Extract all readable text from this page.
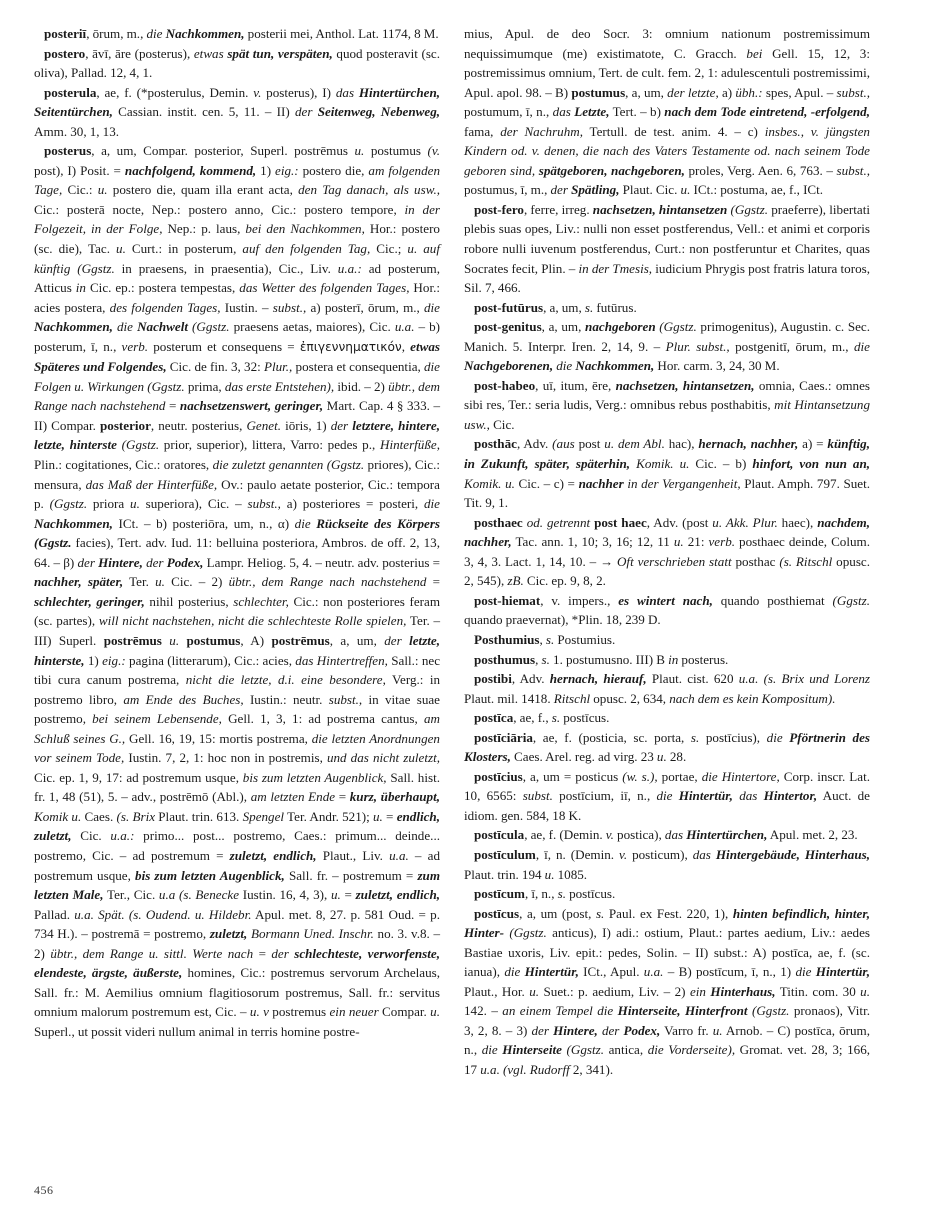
posteriī, ōrum, m., die Nachkommen, posterii mei, Anthol. Lat. 1174, 8 M.

postero, āvī, āre (posterus), etwas spät tun, verspäten, quod posteravit (sc. oliva), Pallad. 12, 4, 1.

posterula, ae, f. (*posterulus, Demin. v. posterus), I) das Hintertürchen, Seitentürchen, Cassian. instit. cen. 5, 11. – II) der Seitenweg, Nebenweg, Amm. 30, 1, 13.

posterus, a, um, Compar. posterior, Superl. postrēmus u. postumus (v. post), I) Posit. = nachfolgend, kommend, 1) eig.: postero die, am folgenden Tage, Cic.: u. postero die, quam illa erant acta, den Tag danach, als usw., Cic.: posterā nocte, Nep.: postero anno, Cic.: postero tempore, in der Folgezeit, in der Folge, Nep.: p. laus, bei den Nachkommen, Hor.: postero (sc. die), Tac. u. Curt.: in posterum, auf den folgenden Tag, Cic.; u. auf künftig (Ggstz. in praesens, in praesentia), Cic., Liv. u.a.: ad posterum, Atticus in Cic. ep.: postera tempestas, das Wetter des folgenden Tages, Hor.: acies postera, des folgenden Tages, Iustin. – subst., a) posterī, ōrum, m., die Nachkommen, die Nachwelt (Ggstz. praesens aetas, maiores), Cic. u.a. – b) posterum, ī, n., verb. posterum et consequens = ἐπιγεννηματικόν, etwas Späteres und Folgendes, Cic. de fin. 3, 32: Plur., postera et consequentia, die Folgen u. Wirkungen (Ggstz. prima, das erste Entstehen), ibid. – 2) übtr., dem Range nach nachstehend = nachsetzenswert, geringer, Mart. Cap. 4 § 333. – II) Compar. posterior, neutr. posterius, Genet. iōris, 1) der letztere, hintere, letzte, hinterste (Ggstz. prior, superior), littera, Varro: pedes p., Hinterfüße, Plin.: cogitationes, Cic.: oratores, die zuletzt genannten (Ggstz. priores), Cic.: mensura, das Maß der Hinterfüße, Ov.: paulo aetate posterior, Cic.: tempora p. (Ggstz. priora u. superiora), Cic. – subst., a) posteriores = posteri, die Nachkommen, ICt. – b) posteriōra, um, n., α) die Rückseite des Körpers (Ggstz. facies), Tert. adv. Iud. 11: belluina posteriora, Ambros. de off. 2, 13, 64. – β) der Hintere, der Podex, Lampr. Heliog. 5, 4. – neutr. adv. posterius = nachher, später, Ter. u. Cic. – 2) übtr., dem Range nach nachstehend = schlechter, geringer, nihil posterius, schlechter, Cic.: non posteriores feram (sc. partes), will nicht nachstehen, nicht die schlechteste Rolle spielen, Ter. – III) Superl. postrēmus u. postumus, A) postrēmus, a, um, der letzte, hinterste, 1) eig.: pagina (litterarum), Cic.: acies, das Hintertreffen, Sall.: nec tibi cura canum postrema, nicht die letzte, d.i. eine besondere, Verg.: in postremo libro, am Ende des Buches, Iustin.: neutr. subst., in vitae suae postremo, bei seinem Lebensende, Gell. 1, 3, 1: ad postrema cantus, am Schluß seines G., Gell. 16, 19, 15: mortis postrema, die letzten Anordnungen vor seinem Tode, Iustin. 7, 2, 1: hoc non in postremis, und das nicht zuletzt, Cic. ep. 1, 9, 17: ad postremum usque, bis zum letzten Augenblick, Sall. hist. fr. 1, 48 (51), 5. – adv., postrēmō (Abl.), am letzten Ende = kurz, überhaupt, Komik u. Caes. (s. Brix Plaut. trin. 613. Spengel Ter. Andr. 521); u. = endlich, zuletzt, Cic. u.a.: primo... post... postremo, Caes.: primum... deinde... postremo, Cic. – ad postremum = zuletzt, endlich, Plaut., Liv. u.a. – ad postremum usque, bis zum letzten Augenblick, Sall. fr. – postremum = zum letzten Male, Ter., Cic. u.a (s. Benecke Iustin. 16, 4, 3), u. = zuletzt, endlich, Pallad. u.a. Spät. (s. Oudend. u. Hildebr. Apul. met. 8, 27. p. 581 Oud. = p. 734 H.). – postremā = postremo, zuletzt, Bormann Uned. Inschr. no. 3. v.8. – 2) übtr., dem Range u. sittl. Werte nach = der schlechteste, verworfenste, elendeste, ärgste, äußerste, homines, Cic.: postremus servorum Archelaus, Sall. fr.: M. Aemilius omnium flagitiosorum postremus, Sall. fr.: servitus omnium malorum postremum est, Cic. – u. v postremus ein neuer Compar. u. Superl., ut possit videri nullum animal in terris homine postre-

mius, Apul. de deo Socr. 3: omnium nationum postremissimum nequissimumque (me) existimatote, C. Gracch. bei Gell. 15, 12, 3: postremissimus omnium, Tert. de cult. fem. 2, 1: adulescentuli postremissimi, Apul. apol. 98. – B) postumus, a, um, der letzte, a) übh.: spes, Apul. – subst., postumum, ī, n., das Letzte, Tert. – b) nach dem Tode eintretend, -erfolgend, fama, der Nachruhm, Tertull. de test. anim. 4. – c) insbes., v. jüngsten Kindern od. v. denen, die nach des Vaters Testamente od. nach seinem Tode geboren sind, spätgeboren, nachgeboren, proles, Verg. Aen. 6, 763. – subst., postumus, ī, m., der Spätling, Plaut. Cic. u. ICt.: postuma, ae, f., ICt.

post-fero, ferre, irreg. nachsetzen, hintansetzen (Ggstz. praeferre), libertati plebis suas opes, Liv.: nulli non esset postferendus, Vell.: et animi et corporis robore nulli iuvenum postferendus, Curt.: non postferuntur et Charites, quas Socrates fecit, Plin. – in der Tmesis, iudicium Phrygis post fratris latura toros, Sil. 7, 466.

post-futūrus, a, um, s. futūrus.

post-genitus, a, um, nachgeboren (Ggstz. primogenitus), Augustin. c. Sec. Manich. 5. Interpr. Iren. 2, 14, 9. – Plur. subst., postgenitī, ōrum, m., die Nachgeborenen, die Nachkommen, Hor. carm. 3, 24, 30 M.

post-habeo, uī, itum, ēre, nachsetzen, hintansetzen, omnia, Caes.: omnes sibi res, Ter.: seria ludis, Verg.: omnibus rebus posthabitis, mit Hintansetzung usw., Cic.

posthāc, Adv. (aus post u. dem Abl. hac), hernach, nachher, a) = künftig, in Zukunft, später, späterhin, Komik. u. Cic. – b) hinfort, von nun an, Komik. u. Cic. – c) = nachher in der Vergangenheit, Plaut. Amph. 797. Suet. Tit. 9, 1.

posthaec od. getrennt post haec, Adv. (post u. Akk. Plur. haec), nachdem, nachher, Tac. ann. 1, 10; 3, 16; 12, 11 u. 21: verb. posthaec deinde, Colum. 3, 4, 3. Lact. 1, 14, 10. – → Oft verschrieben statt posthac (s. Ritschl opusc. 2, 545), zB. Cic. ep. 9, 8, 2.

post-hiemat, v. impers., es wintert nach, quando posthiemat (Ggstz. quando praevernat), *Plin. 18, 239 D.

Posthumius, s. Postumius.

posthumus, s. 1. postumusno. III) B in posterus.

postibi, Adv. hernach, hierauf, Plaut. cist. 620 u.a. (s. Brix und Lorenz Plaut. mil. 1418. Ritschl opusc. 2, 634, nach dem es kein Kompositum).

postīca, ae, f., s. postīcus.

postīciāria, ae, f. (posticia, sc. porta, s. postīcius), die Pförtnerin des Klosters, Caes. Arel. reg. ad virg. 23 u. 28.

postīcius, a, um = posticus (w. s.), portae, die Hintertore, Corp. inscr. Lat. 10, 6565: subst. postīcium, iī, n., die Hintertür, das Hintertor, Auct. de idiom. gen. 584, 18 K.

postīcula, ae, f. (Demin. v. postica), das Hintertürchen, Apul. met. 2, 23.

postīculum, ī, n. (Demin. v. posticum), das Hintergebäude, Hinterhaus, Plaut. trin. 194 u. 1085.

postīcum, ī, n., s. postīcus.

postīcus, a, um (post, s. Paul. ex Fest. 220, 1), hinten befindlich, hinter, Hinter- (Ggstz. anticus), I) adi.: ostium, Plaut.: partes aedium, Liv.: aedes Bastiae uxoris, Liv. epit.: pedes, Solin. – II) subst.: A) postīca, ae, f. (sc. ianua), die Hintertür, ICt., Apul. u.a. – B) postīcum, ī, n., 1) die Hintertür, Plaut., Hor. u. Suet.: p. aedium, Liv. – 2) ein Hinterhaus, Titin. com. 30 u. 142. – an einem Tempel die Hinterseite, Hinterfront (Ggstz. pronaos), Vitr. 3, 2, 8. – 3) der Hintere, der Podex, Varro fr. u. Arnob. – C) postīca, ōrum, n., die Hinterseite (Ggstz. antica, die Vorderseite), Gromat. vet. 28, 3; 166, 17 u.a. (vgl. Rudorff 2, 341).

456
